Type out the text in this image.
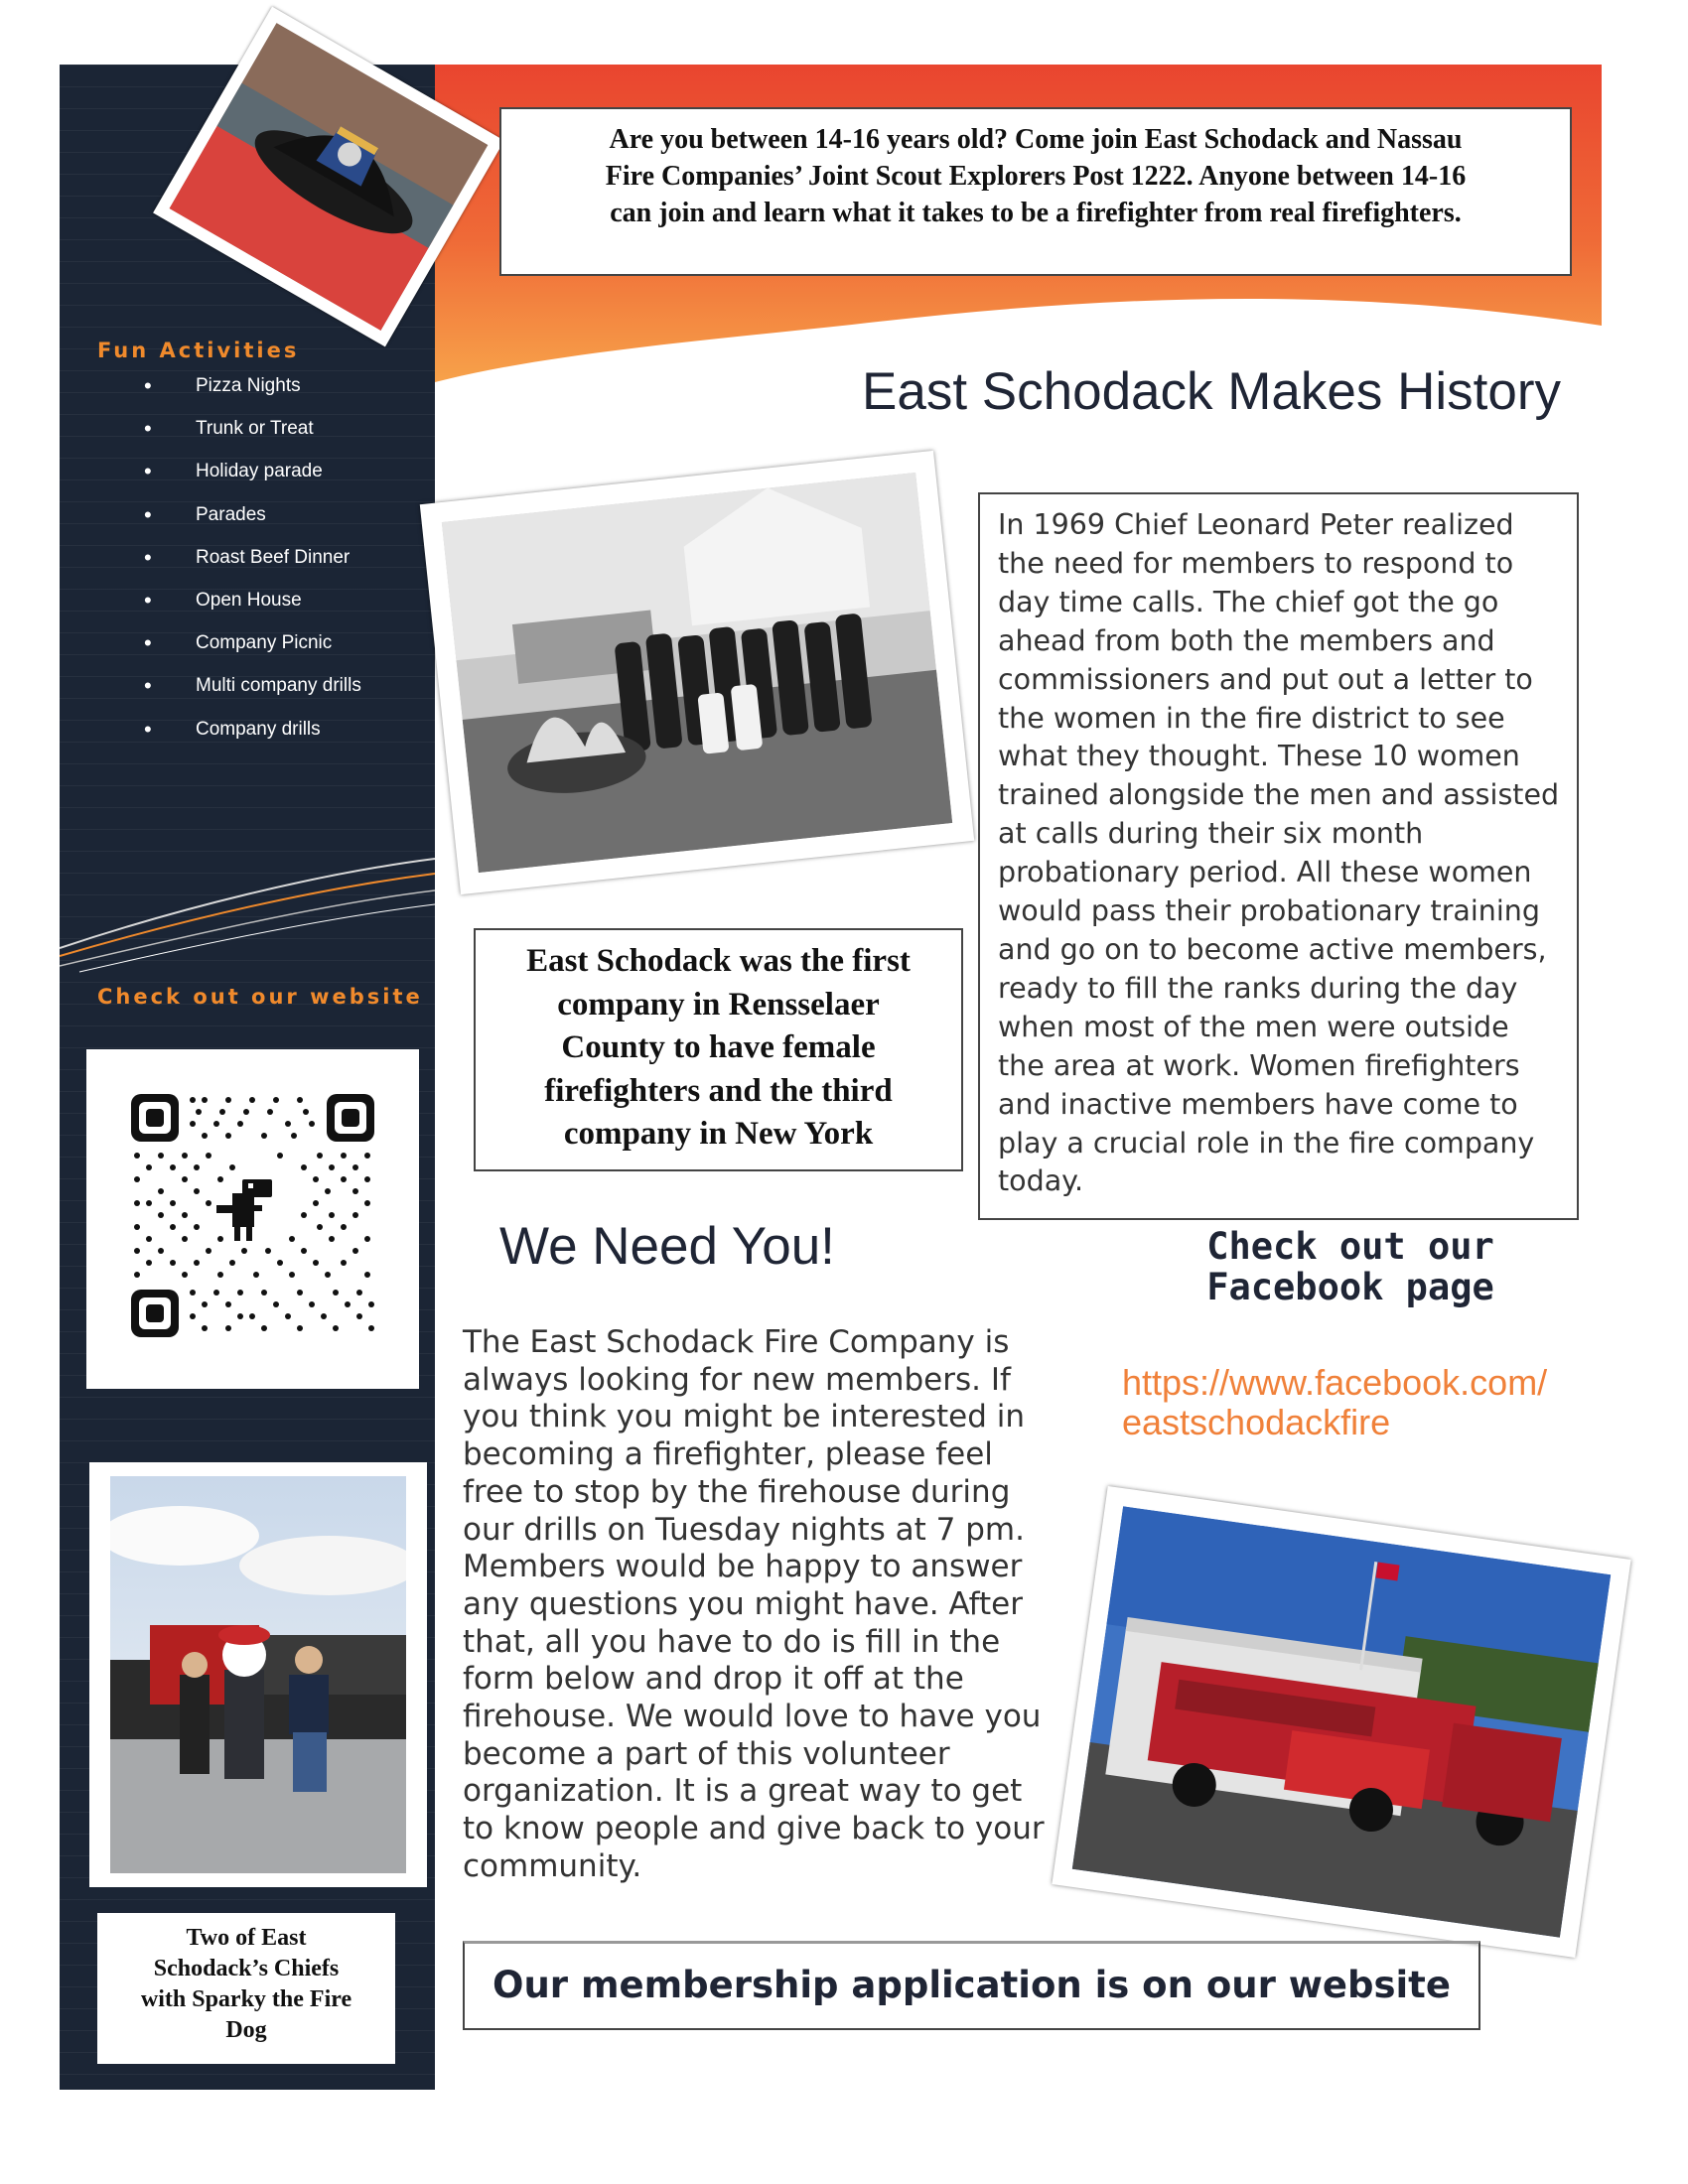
Fun Activities
• Pizza Nights
• Trunk or Treat
• Holiday parade
• Parades
• Roast Beef Dinner
• Open House
• Company Picnic
• Multi company drills
• Company drills
Check out our website
Two of East
Schodack’s Chiefs
with Sparky the Fire
Dog
Are you between 14-16 years old? Come join East Schodack and Nassau
Fire Companies’ Joint Scout Explorers Post 1222. Anyone between 14-16
can join and learn what it takes to be a firefighter from real firefighters.
East Schodack Makes History
In 1969 Chief Leonard Peter realized
the need for members to respond to
day time calls. The chief got the go
ahead from both the members and
commissioners and put out a letter to
the women in the fire district to see
what they thought. These 10 women
trained alongside the men and assisted
at calls during their six month
probationary period. All these women
would pass their probationary training
and go on to become active members,
ready to fill the ranks during the day
when most of the men were outside
the area at work. Women firefighters
and inactive members have come to
play a crucial role in the fire company
today.
East Schodack was the first
company in Rensselaer
County to have female
firefighters and the third
company in New York
We Need You!
The East Schodack Fire Company is
always looking for new members. If
you think you might be interested in
becoming a firefighter, please feel
free to stop by the firehouse during
our drills on Tuesday nights at 7 pm.
Members would be happy to answer
any questions you might have. After
that, all you have to do is fill in the
form below and drop it off at the
firehouse. We would love to have you
become a part of this volunteer
organization. It is a great way to get
to know people and give back to your
community.
Check out our
Facebook page
https://www.facebook.com/
eastschodackfire
Our membership application is on our website
